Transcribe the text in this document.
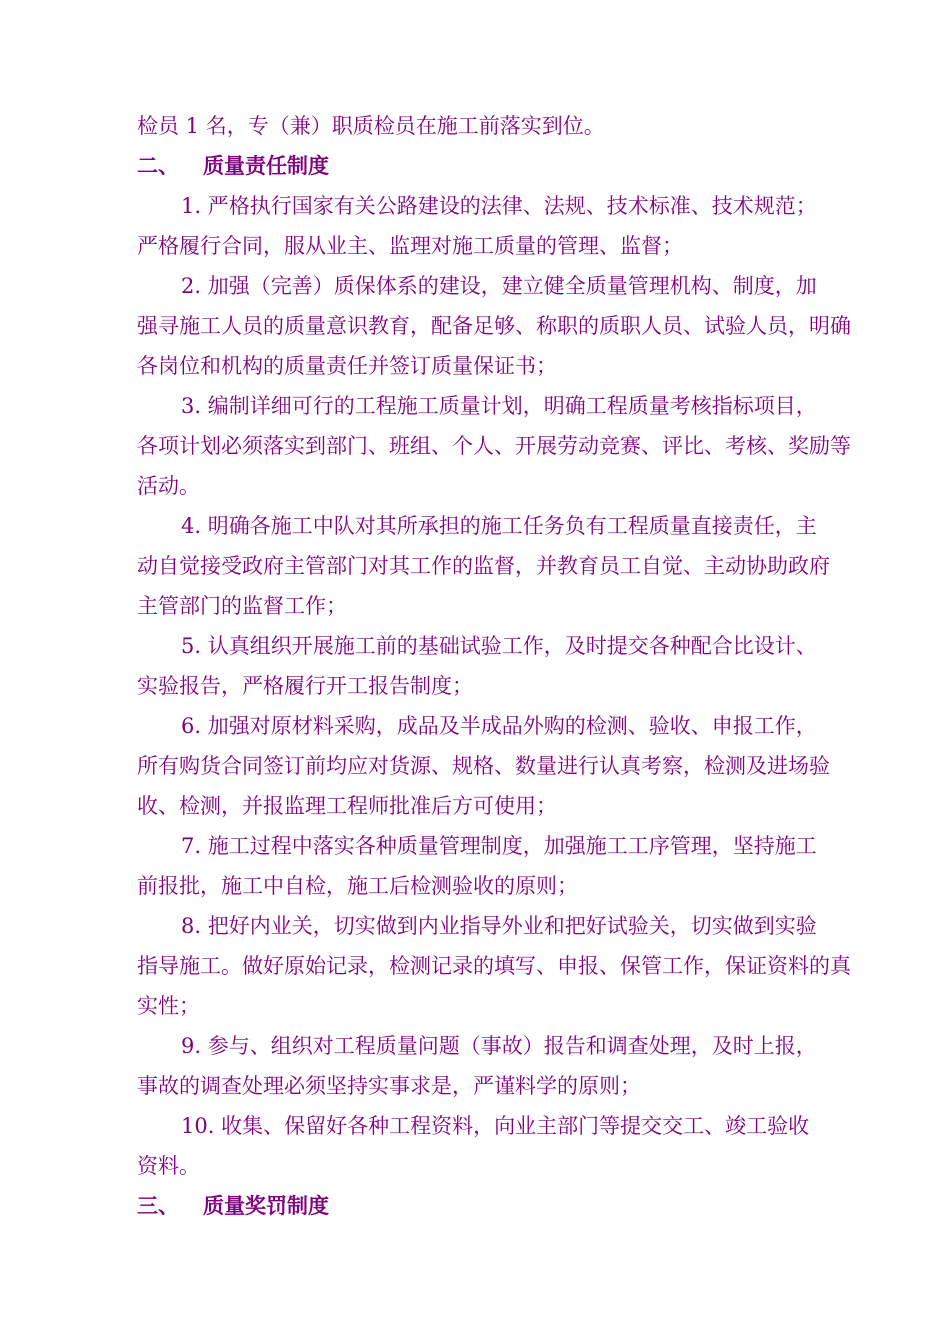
检员 1 名，专（兼）职质检员在施工前落实到位。

二、 质量责任制度

1. 严格执行国家有关公路建设的法律、法规、技术标准、技术规范；

严格履行合同，服从业主、监理对施工质量的管理、监督；

2. 加强（完善）质保体系的建设，建立健全质量管理机构、制度，加

强寻施工人员的质量意识教育，配备足够、称职的质职人员、试验人员，明确

各岗位和机构的质量责任并签订质量保证书；

3. 编制详细可行的工程施工质量计划，明确工程质量考核指标项目，

各项计划必须落实到部门、班组、个人、开展劳动竞赛、评比、考核、奖励等

活动。

4. 明确各施工中队对其所承担的施工任务负有工程质量直接责任，主

动自觉接受政府主管部门对其工作的监督，并教育员工自觉、主动协助政府

主管部门的监督工作；

5. 认真组织开展施工前的基础试验工作，及时提交各种配合比设计、

实验报告，严格履行开工报告制度；

6. 加强对原材料采购，成品及半成品外购的检测、验收、申报工作，

所有购货合同签订前均应对货源、规格、数量进行认真考察，检测及进场验

收、检测，并报监理工程师批准后方可使用；

7. 施工过程中落实各种质量管理制度，加强施工工序管理，坚持施工

前报批，施工中自检，施工后检测验收的原则；

8. 把好内业关，切实做到内业指导外业和把好试验关，切实做到实验

指导施工。做好原始记录，检测记录的填写、申报、保管工作，保证资料的真

实性；

9. 参与、组织对工程质量问题（事故）报告和调查处理，及时上报，

事故的调查处理必须坚持实事求是，严谨料学的原则；

10. 收集、保留好各种工程资料，向业主部门等提交交工、竣工验收

资料。

三、 质量奖罚制度
